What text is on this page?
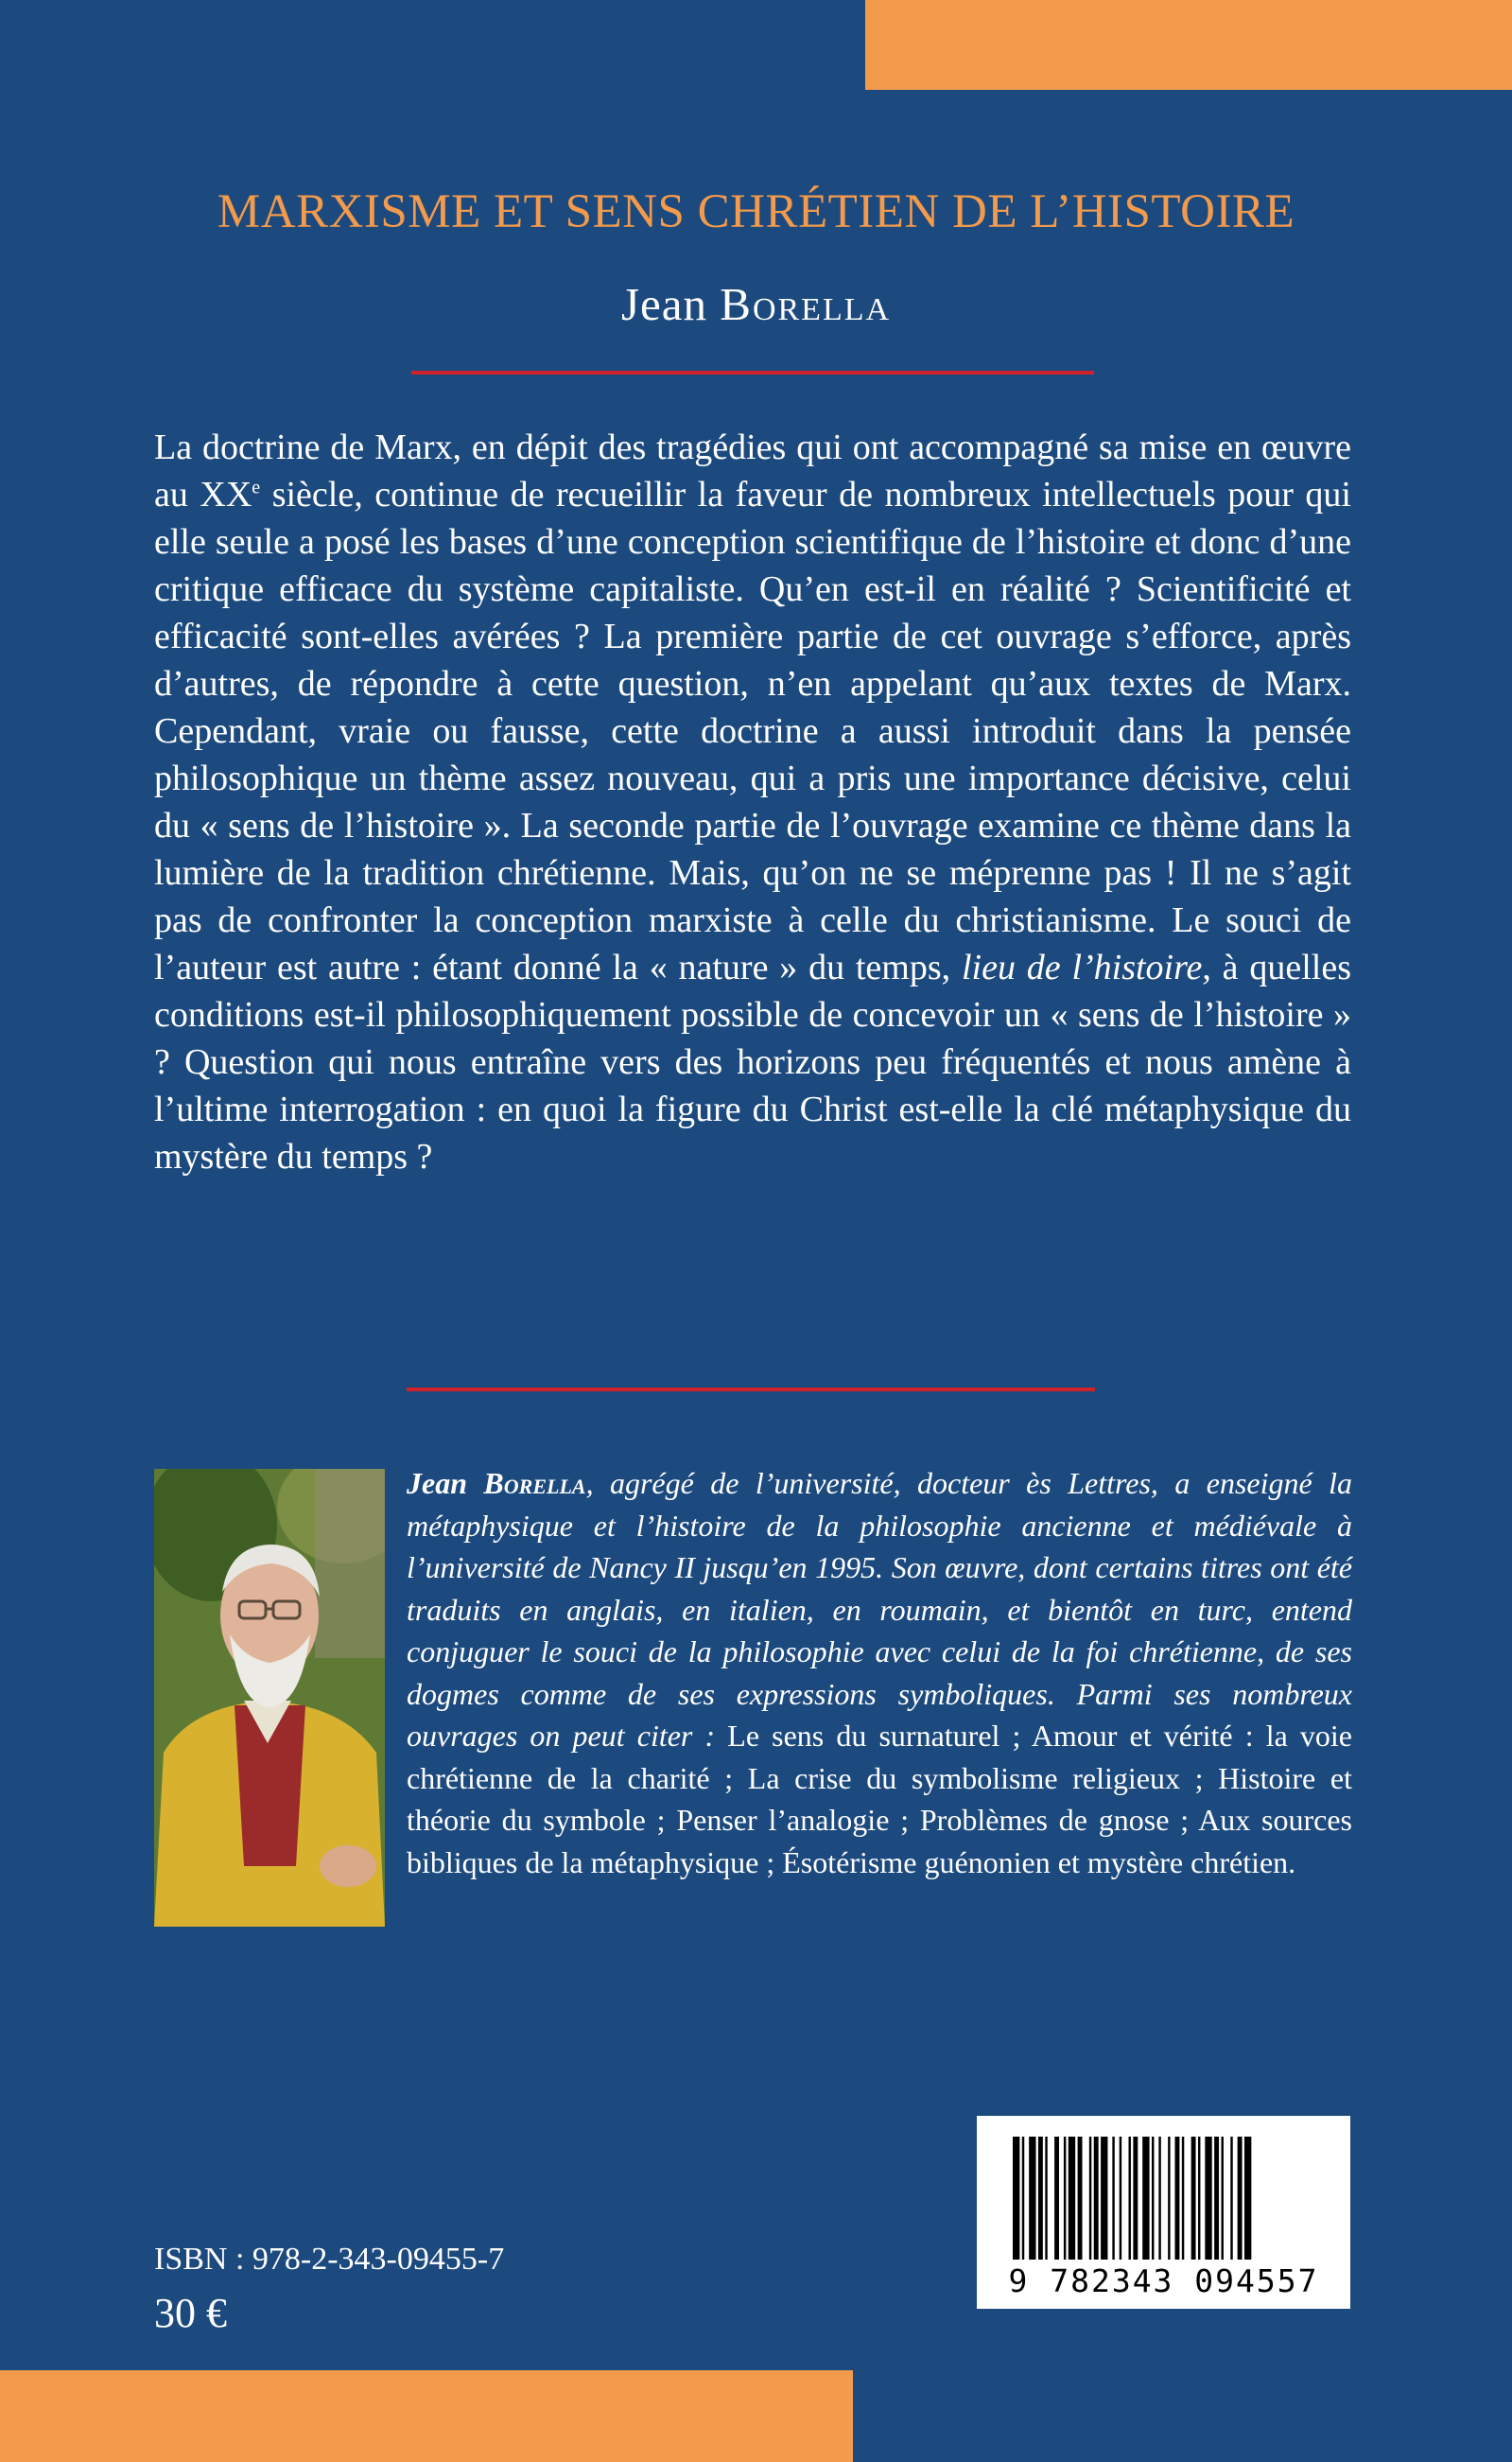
MARXISME ET SENS CHRÉTIEN DE L’HISTOIRE
Jean Borella

La doctrine de Marx, en dépit des tragédies qui ont accompagné sa mise en œuvre au XXe siècle, continue de recueillir la faveur de nombreux intellectuels pour qui elle seule a posé les bases d’une conception scientifique de l’histoire et donc d’une critique efficace du système capitaliste. Qu’en est-il en réalité ? Scientificité et efficacité sont-elles avérées ? La première partie de cet ouvrage s’efforce, après d’autres, de répondre à cette question, n’en appelant qu’aux textes de Marx. Cependant, vraie ou fausse, cette doctrine a aussi introduit dans la pensée philosophique un thème assez nouveau, qui a pris une importance décisive, celui du « sens de l’histoire ». La seconde partie de l’ouvrage examine ce thème dans la lumière de la tradition chrétienne. Mais, qu’on ne se méprenne pas ! Il ne s’agit pas de confronter la conception marxiste à celle du christianisme. Le souci de l’auteur est autre : étant donné la « nature » du temps, lieu de l’histoire, à quelles conditions est-il philosophiquement possible de concevoir un « sens de l’histoire » ? Question qui nous entraîne vers des horizons peu fréquentés et nous amène à l’ultime interrogation : en quoi la figure du Christ est-elle la clé métaphysique du mystère du temps ?

Jean Borella, agrégé de l’université, docteur ès Lettres, a enseigné la métaphysique et l’histoire de la philosophie ancienne et médiévale à l’université de Nancy II jusqu’en 1995. Son œuvre, dont certains titres ont été traduits en anglais, en italien, en roumain, et bientôt en turc, entend conjuguer le souci de la philosophie avec celui de la foi chrétienne, de ses dogmes comme de ses expressions symboliques. Parmi ses nombreux ouvrages on peut citer : Le sens du surnaturel ; Amour et vérité : la voie chrétienne de la charité ; La crise du symbolisme religieux ; Histoire et théorie du symbole ; Penser l’analogie ; Problèmes de gnose ; Aux sources bibliques de la métaphysique ; Ésotérisme guénonien et mystère chrétien.

ISBN : 978-2-343-09455-7
30 €
9 782343 094557
